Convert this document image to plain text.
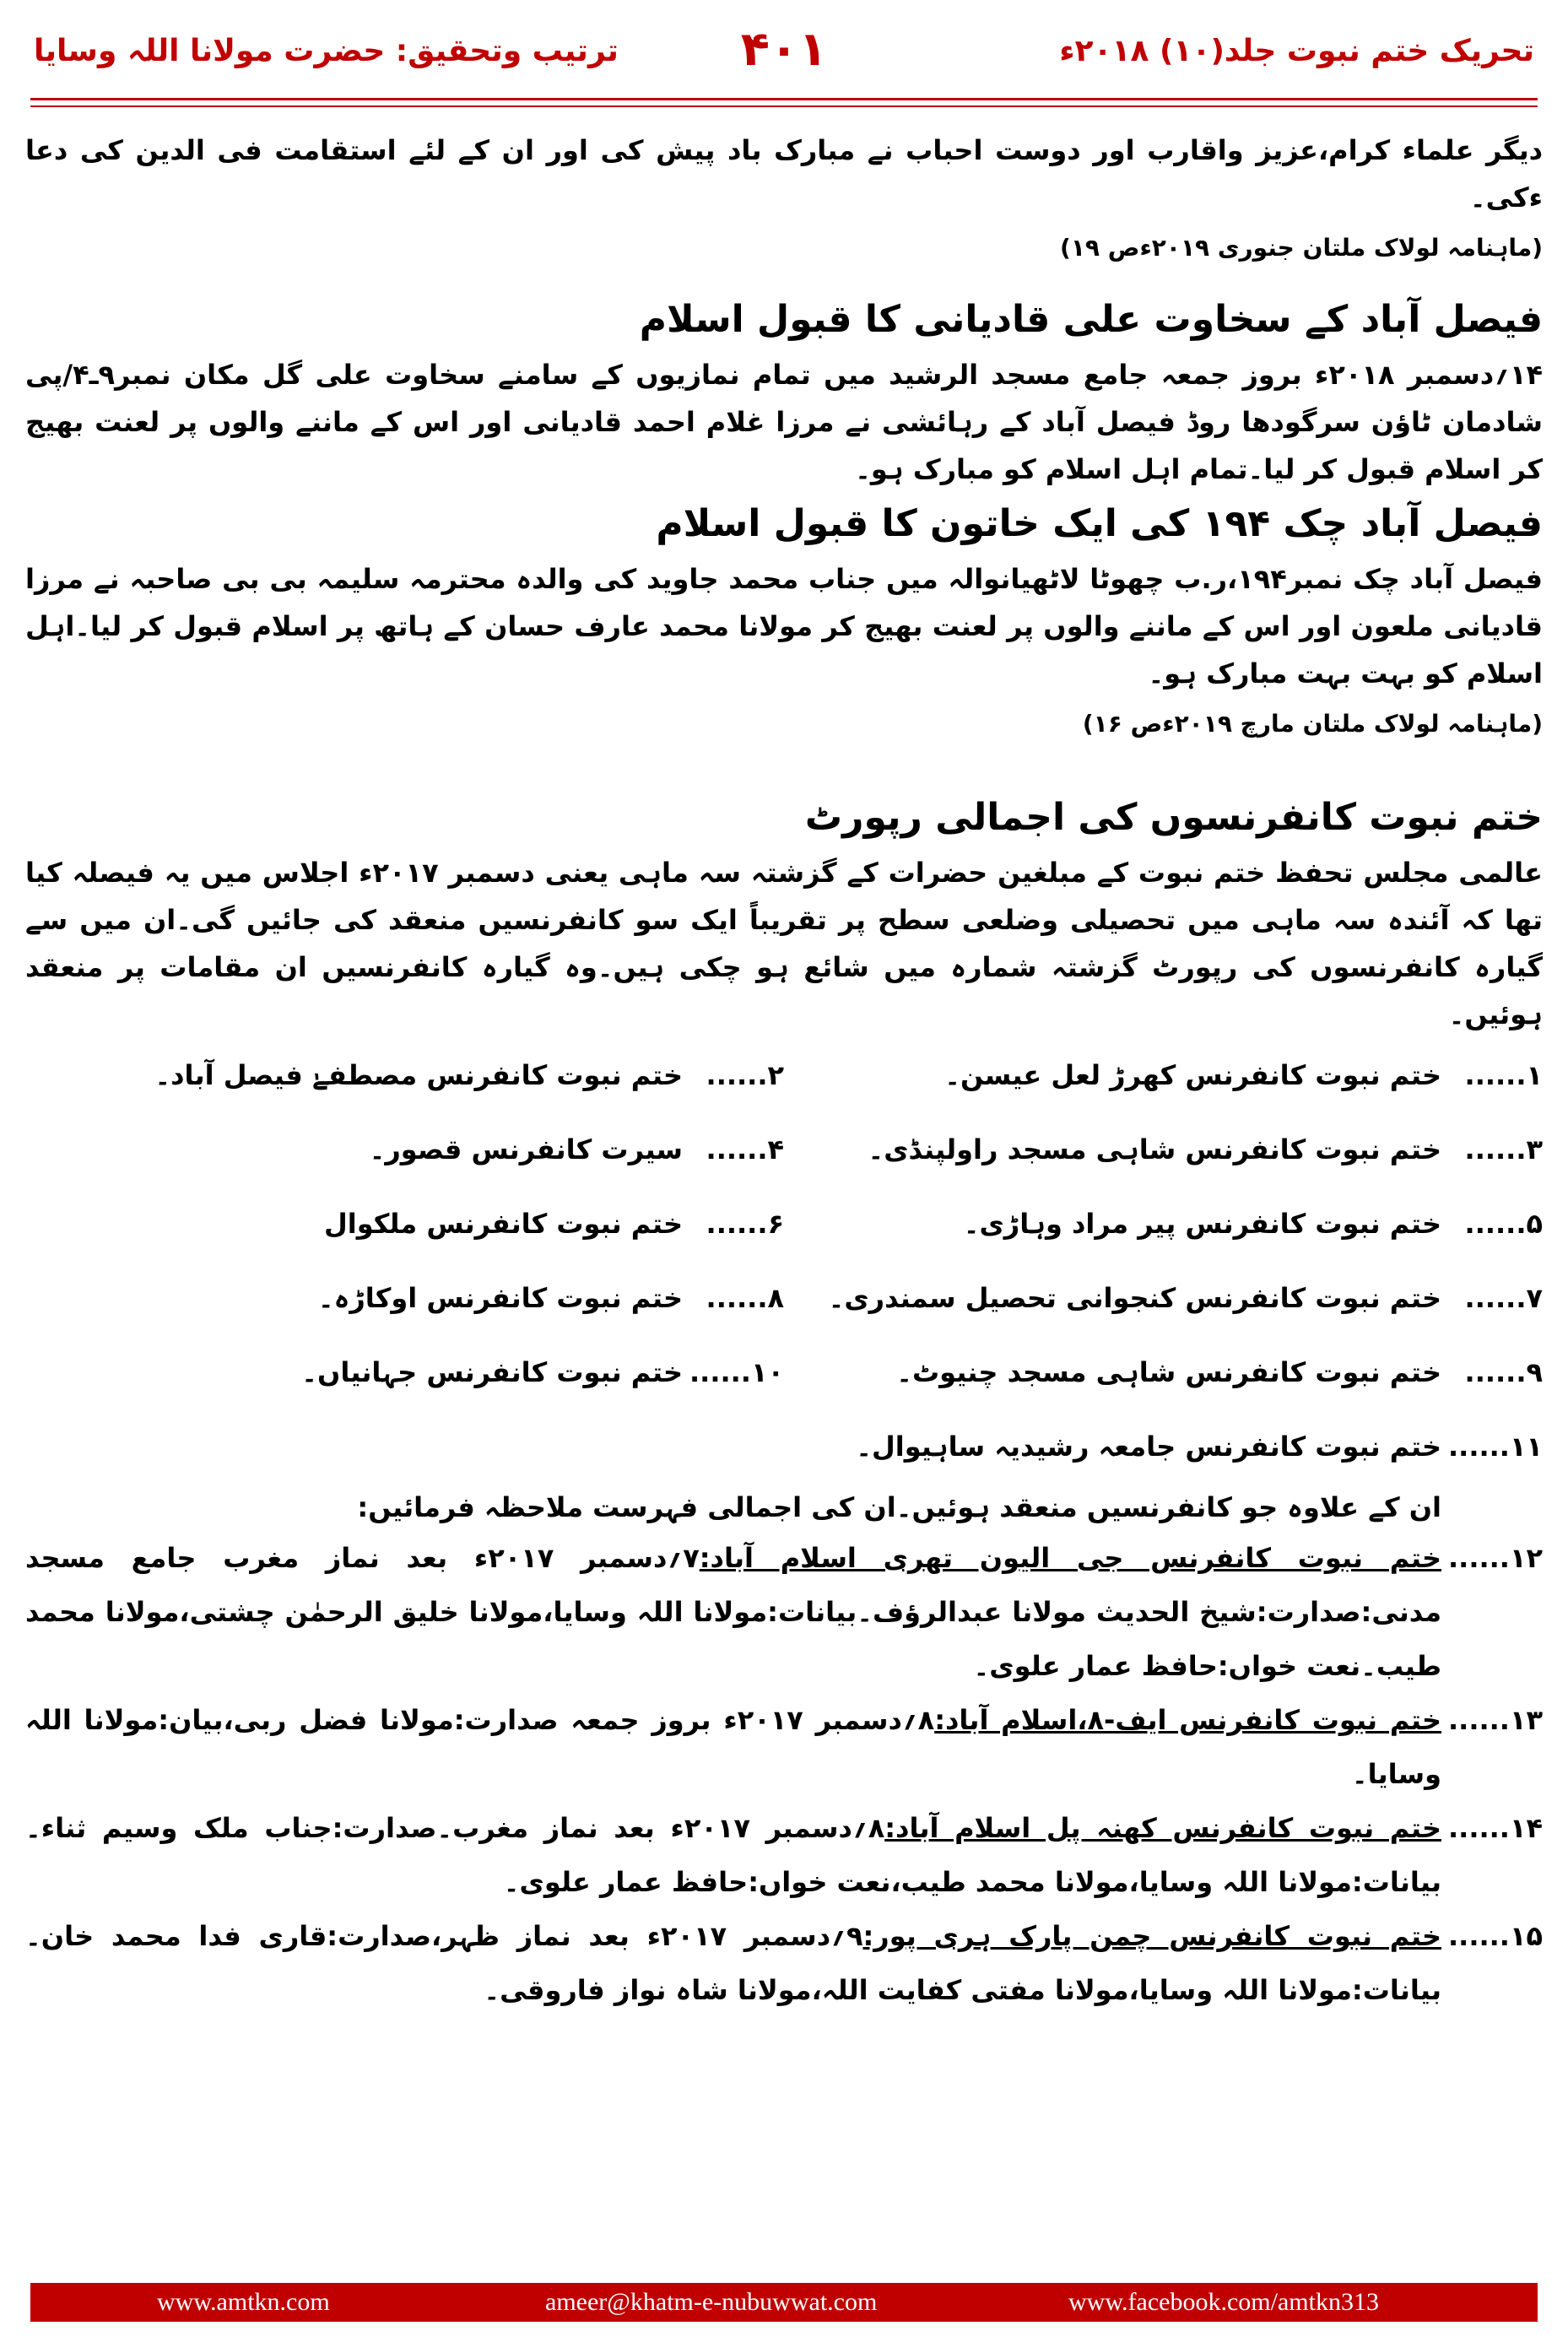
تحریک ختم نبوت جلد(۱۰) ۲۰۱۸ء
۴۰۱
ترتیب وتحقیق: حضرت مولانا اللہ وسایا

دیگر علماء کرام،عزیز واقارب اور دوست احباب نے مبارک باد پیش کی اور ان کے لئے استقامت فی الدین کی دعا ءکی۔

(ماہنامہ لولاک ملتان جنوری ۲۰۱۹ءص ۱۹)

فیصل آباد کے سخاوت علی قادیانی کا قبول اسلام

۱۴؍دسمبر ۲۰۱۸ء بروز جمعہ جامع مسجد الرشید میں تمام نمازیوں کے سامنے سخاوت علی گل مکان نمبر۹ـ۴/پی شادمان ٹاؤن سرگودھا روڈ فیصل آباد کے رہائشی نے مرزا غلام احمد قادیانی اور اس کے ماننے والوں پر لعنت بھیج کر اسلام قبول کر لیا۔تمام اہل اسلام کو مبارک ہو۔

فیصل آباد چک ۱۹۴ کی ایک خاتون کا قبول اسلام

فیصل آباد چک نمبر۱۹۴،ر.ب چھوٹا لاٹھیانوالہ میں جناب محمد جاوید کی والدہ محترمہ سلیمہ بی بی صاحبہ نے مرزا قادیانی ملعون اور اس کے ماننے والوں پر لعنت بھیج کر مولانا محمد عارف حسان کے ہاتھ پر اسلام قبول کر لیا۔اہل اسلام کو بہت بہت مبارک ہو۔

(ماہنامہ لولاک ملتان مارچ ۲۰۱۹ءص ۱۶)

ختم نبوت کانفرنسوں کی اجمالی رپورٹ

عالمی مجلس تحفظ ختم نبوت کے مبلغین حضرات کے گزشتہ سہ ماہی یعنی دسمبر ۲۰۱۷ء اجلاس میں یہ فیصلہ کیا تھا کہ آئندہ سہ ماہی میں تحصیلی وضلعی سطح پر تقریباً ایک سو کانفرنسیں منعقد کی جائیں گی۔ان میں سے گیارہ کانفرنسوں کی رپورٹ گزشتہ شمارہ میں شائع ہو چکی ہیں۔وہ گیارہ کانفرنسیں ان مقامات پر منعقد ہوئیں۔

۱......
ختم نبوت کانفرنس کھرڑ لعل عیسن۔
۲......
ختم نبوت کانفرنس مصطفےٰ فیصل آباد۔
۳......
ختم نبوت کانفرنس شاہی مسجد راولپنڈی۔
۴......
سیرت کانفرنس قصور۔
۵......
ختم نبوت کانفرنس پیر مراد وہاڑی۔
۶......
ختم نبوت کانفرنس ملکوال
۷......
ختم نبوت کانفرنس کنجوانی تحصیل سمندری۔
۸......
ختم نبوت کانفرنس اوکاڑہ۔
۹......
ختم نبوت کانفرنس شاہی مسجد چنیوٹ۔
۱۰......
ختم نبوت کانفرنس جہانیاں۔
۱۱......
ختم نبوت کانفرنس جامعہ رشیدیہ ساہیوال۔

ان کے علاوہ جو کانفرنسیں منعقد ہوئیں۔ان کی اجمالی فہرست ملاحظہ فرمائیں:

۱۲......
ختم نبوت کانفرنس جی الیون تھری اسلام آباد:۷؍دسمبر ۲۰۱۷ء بعد نماز مغرب جامع مسجد مدنی:صدارت:شیخ الحدیث مولانا عبدالرؤف۔بیانات:مولانا اللہ وسایا،مولانا خلیق الرحمٰن چشتی،مولانا محمد طیب۔نعت خواں:حافظ عمار علوی۔
۱۳......
ختم نبوت کانفرنس ایف-۸،اسلام آباد:۸؍دسمبر ۲۰۱۷ء بروز جمعہ صدارت:مولانا فضل ربی،بیان:مولانا اللہ وسایا۔
۱۴......
ختم نبوت کانفرنس کھنہ پل اسلام آباد:۸؍دسمبر ۲۰۱۷ء بعد نماز مغرب۔صدارت:جناب ملک وسیم ثناء۔بیانات:مولانا اللہ وسایا،مولانا محمد طیب،نعت خواں:حافظ عمار علوی۔
۱۵......
ختم نبوت کانفرنس چمن پارک ہری پور:۹؍دسمبر ۲۰۱۷ء بعد نماز ظہر،صدارت:قاری فدا محمد خان۔بیانات:مولانا اللہ وسایا،مولانا مفتی کفایت اللہ،مولانا شاہ نواز فاروقی۔
www.amtkn.com	ameer@khatm-e-nubuwwat.com	www.facebook.com/amtkn313
